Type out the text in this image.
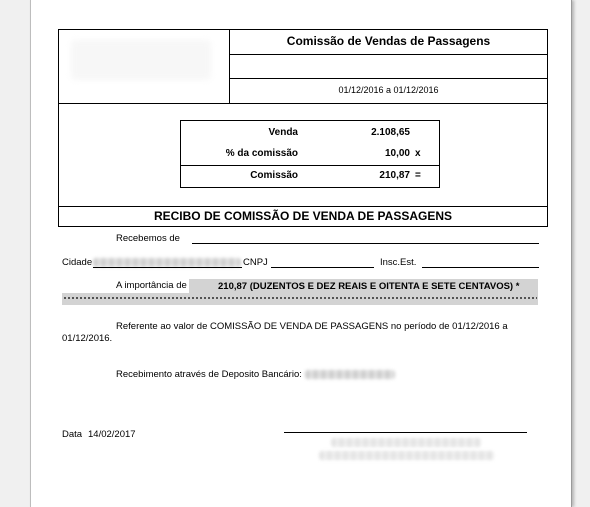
Comissão de Vendas de Passagens
01/12/2016 a 01/12/2016
Venda	2.108,65
% da comissão	10,00 x
Comissão	210,87 =
RECIBO DE COMISSÃO DE VENDA DE PASSAGENS
Recebemos de
Cidade	CNPJ	Insc.Est.
A importância de	210,87 (DUZENTOS E DEZ REAIS E OITENTA E SETE CENTAVOS) *
Referente ao valor de COMISSÃO DE VENDA DE PASSAGENS no período de 01/12/2016 a
01/12/2016.
Recebimento através de Deposito Bancário:
Data 14/02/2017
